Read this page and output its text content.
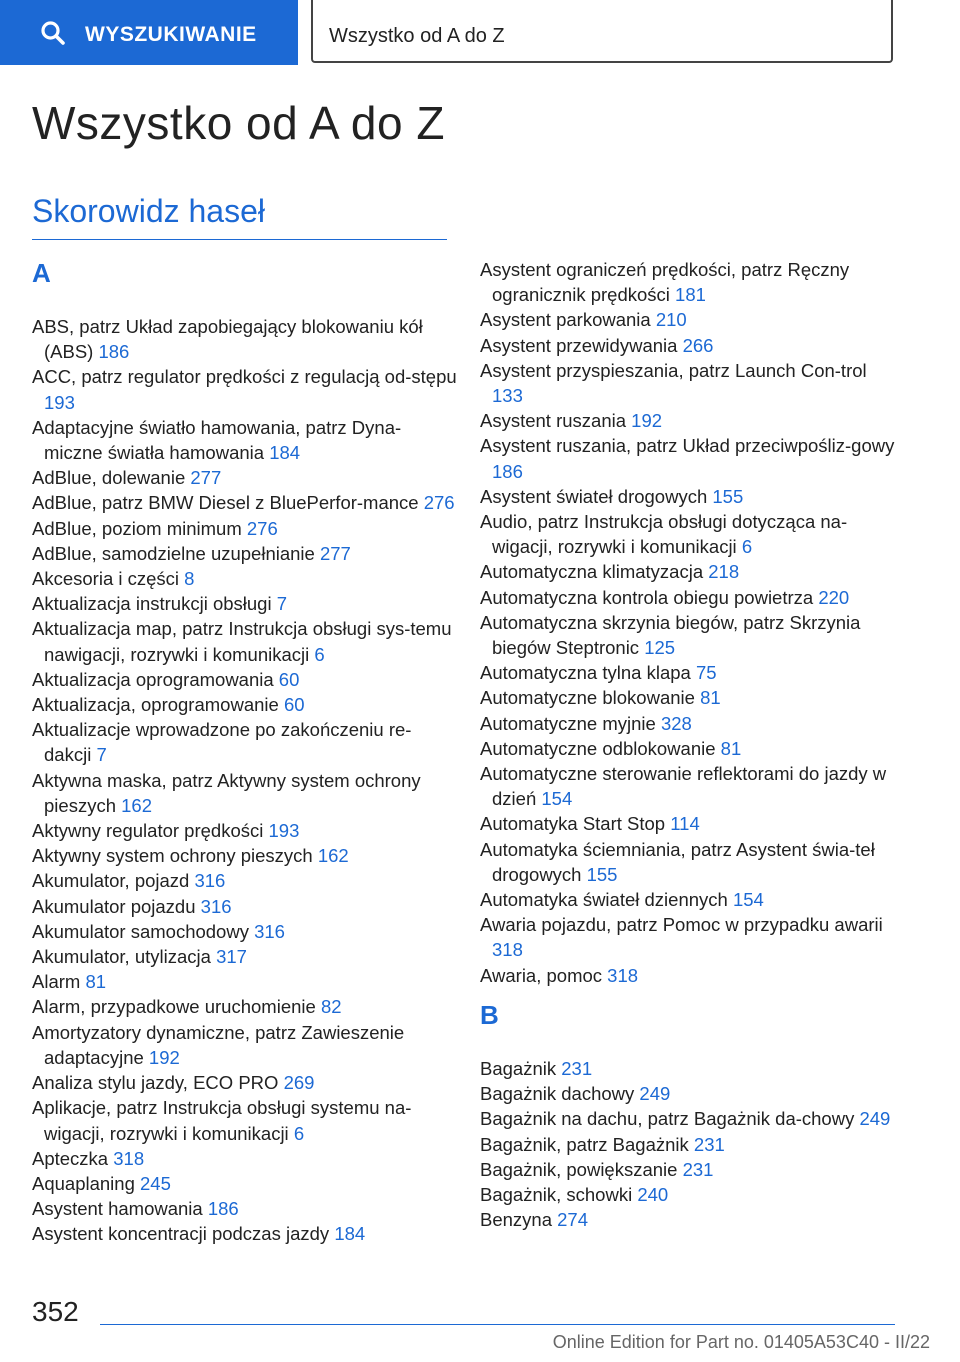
WYSZUKIWANIE	Wszystko od A do Z
Wszystko od A do Z
Skorowidz haseł
A
ABS, patrz Układ zapobiegający blokowaniu kół (ABS) 186
ACC, patrz regulator prędkości z regulacją od-stępu 193
Adaptacyjne światło hamowania, patrz Dyna-miczne światła hamowania 184
AdBlue, dolewanie 277
AdBlue, patrz BMW Diesel z BluePerfor-mance 276
AdBlue, poziom minimum 276
AdBlue, samodzielne uzupełnianie 277
Akcesoria i części 8
Aktualizacja instrukcji obsługi 7
Aktualizacja map, patrz Instrukcja obsługi sys-temu nawigacji, rozrywki i komunikacji 6
Aktualizacja oprogramowania 60
Aktualizacja, oprogramowanie 60
Aktualizacje wprowadzone po zakończeniu re-dakcji 7
Aktywna maska, patrz Aktywny system ochrony pieszych 162
Aktywny regulator prędkości 193
Aktywny system ochrony pieszych 162
Akumulator, pojazd 316
Akumulator pojazdu 316
Akumulator samochodowy 316
Akumulator, utylizacja 317
Alarm 81
Alarm, przypadkowe uruchomienie 82
Amortyzatory dynamiczne, patrz Zawieszenie adaptacyjne 192
Analiza stylu jazdy, ECO PRO 269
Aplikacje, patrz Instrukcja obsługi systemu na-wigacji, rozrywki i komunikacji 6
Apteczka 318
Aquaplaning 245
Asystent hamowania 186
Asystent koncentracji podczas jazdy 184
Asystent ograniczeń prędkości, patrz Ręczny ogranicznik prędkości 181
Asystent parkowania 210
Asystent przewidywania 266
Asystent przyspieszania, patrz Launch Con-trol 133
Asystent ruszania 192
Asystent ruszania, patrz Układ przeciwpośliz-gowy 186
Asystent świateł drogowych 155
Audio, patrz Instrukcja obsługi dotycząca na-wigacji, rozrywki i komunikacji 6
Automatyczna klimatyzacja 218
Automatyczna kontrola obiegu powietrza 220
Automatyczna skrzynia biegów, patrz Skrzynia biegów Steptronic 125
Automatyczna tylna klapa 75
Automatyczne blokowanie 81
Automatyczne myjnie 328
Automatyczne odblokowanie 81
Automatyczne sterowanie reflektorami do jazdy w dzień 154
Automatyka Start Stop 114
Automatyka ściemniania, patrz Asystent świa-teł drogowych 155
Automatyka świateł dziennych 154
Awaria pojazdu, patrz Pomoc w przypadku awarii 318
Awaria, pomoc 318
B
Bagażnik 231
Bagażnik dachowy 249
Bagażnik na dachu, patrz Bagażnik da-chowy 249
Bagażnik, patrz Bagażnik 231
Bagażnik, powiększanie 231
Bagażnik, schowki 240
Benzyna 274

352

Online Edition for Part no. 01405A53C40 - II/22
